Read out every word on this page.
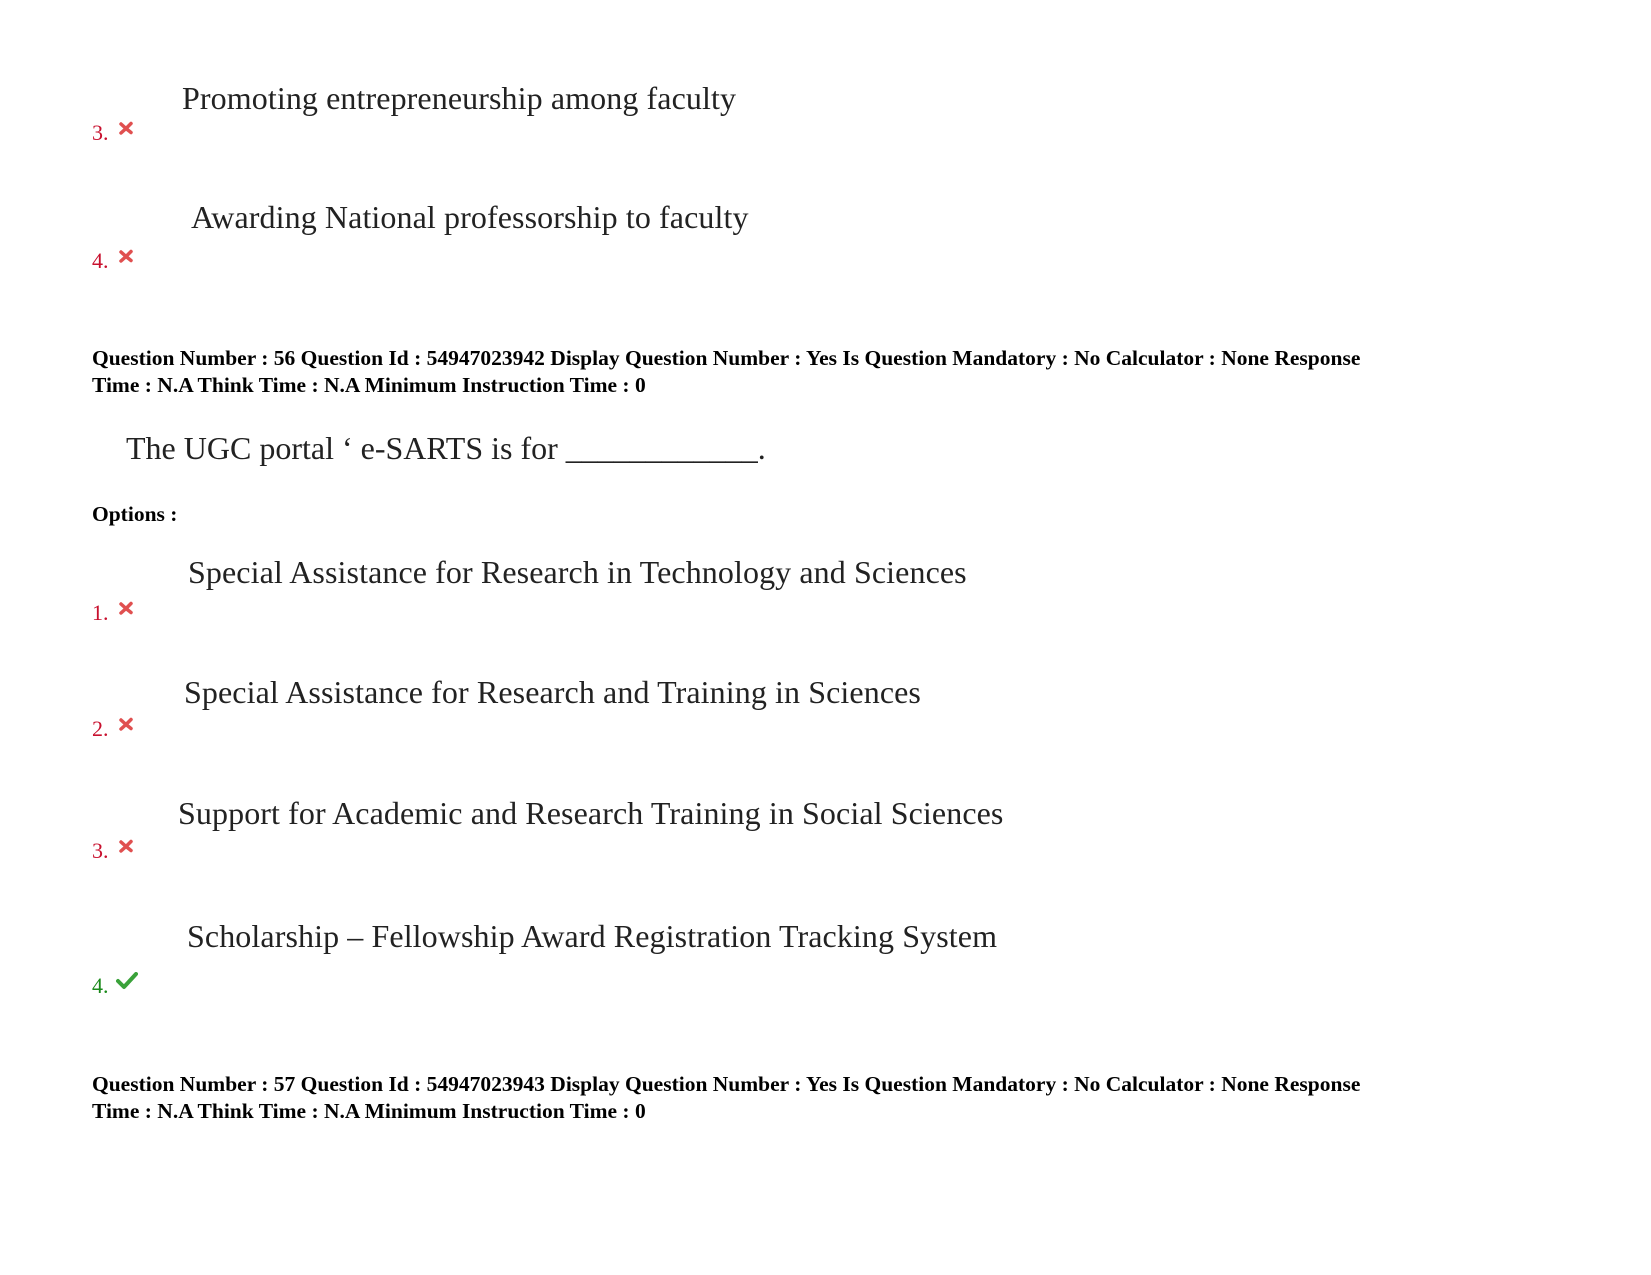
Promoting entrepreneurship among faculty
3.
Awarding National professorship to faculty
4.
Question Number : 56 Question Id : 54947023942 Display Question Number : Yes Is Question Mandatory : No Calculator : None Response
Time : N.A Think Time : N.A Minimum Instruction Time : 0
The UGC portal ‘ e-SARTS is for ____________.
Options :
Special Assistance for Research in Technology and Sciences
1.
Special Assistance for Research and Training in Sciences
2.
Support for Academic and Research Training in Social Sciences
3.
Scholarship – Fellowship Award Registration Tracking System
4.
Question Number : 57 Question Id : 54947023943 Display Question Number : Yes Is Question Mandatory : No Calculator : None Response
Time : N.A Think Time : N.A Minimum Instruction Time : 0
